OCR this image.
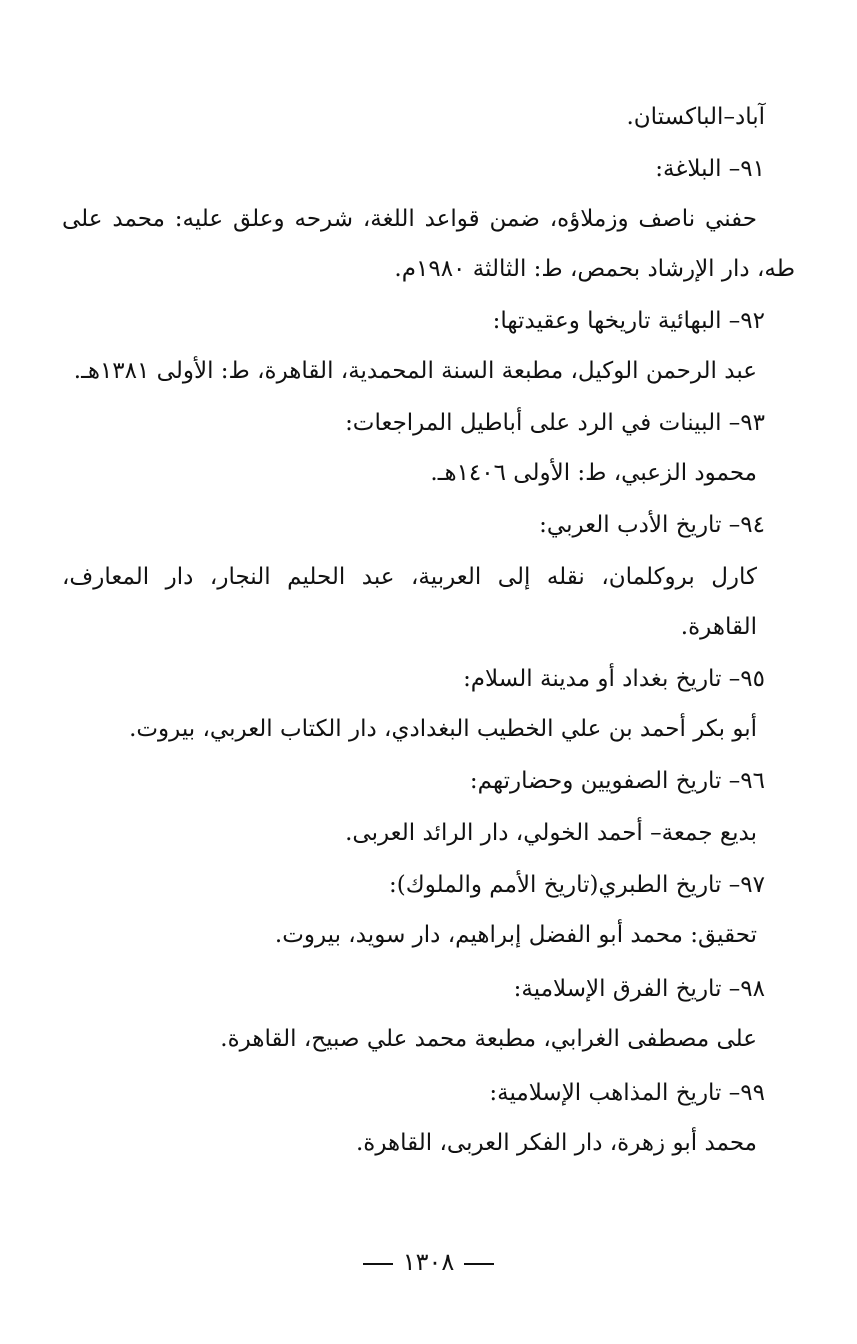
آباد–الباكستان.
٩١– البلاغة:
حفني ناصف وزملاؤه، ضمن قواعد اللغة، شرحه وعلق عليه: محمد على
طه، دار الإرشاد بحمص، ط: الثالثة ١٩٨٠م.
٩٢– البهائية تاريخها وعقيدتها:
عبد الرحمن الوكيل، مطبعة السنة المحمدية، القاهرة، ط: الأولى ١٣٨١هـ.
٩٣– البينات في الرد على أباطيل المراجعات:
محمود الزعبي، ط: الأولى ١٤٠٦هـ.
٩٤– تاريخ الأدب العربي:
كارل بروكلمان، نقله إلى العربية، عبد الحليم النجار، دار المعارف،
القاهرة.
٩٥– تاريخ بغداد أو مدينة السلام:
أبو بكر أحمد بن علي الخطيب البغدادي، دار الكتاب العربي، بيروت.
٩٦– تاريخ الصفويين وحضارتهم:
بديع جمعة– أحمد الخولي، دار الرائد العربى.
٩٧– تاريخ الطبري(تاريخ الأمم والملوك):
تحقيق: محمد أبو الفضل إبراهيم، دار سويد، بيروت.
٩٨– تاريخ الفرق الإسلامية:
على مصطفى الغرابي، مطبعة محمد علي صبيح، القاهرة.
٩٩– تاريخ المذاهب الإسلامية:
محمد أبو زهرة، دار الفكر العربى، القاهرة.
١٣٠٨
